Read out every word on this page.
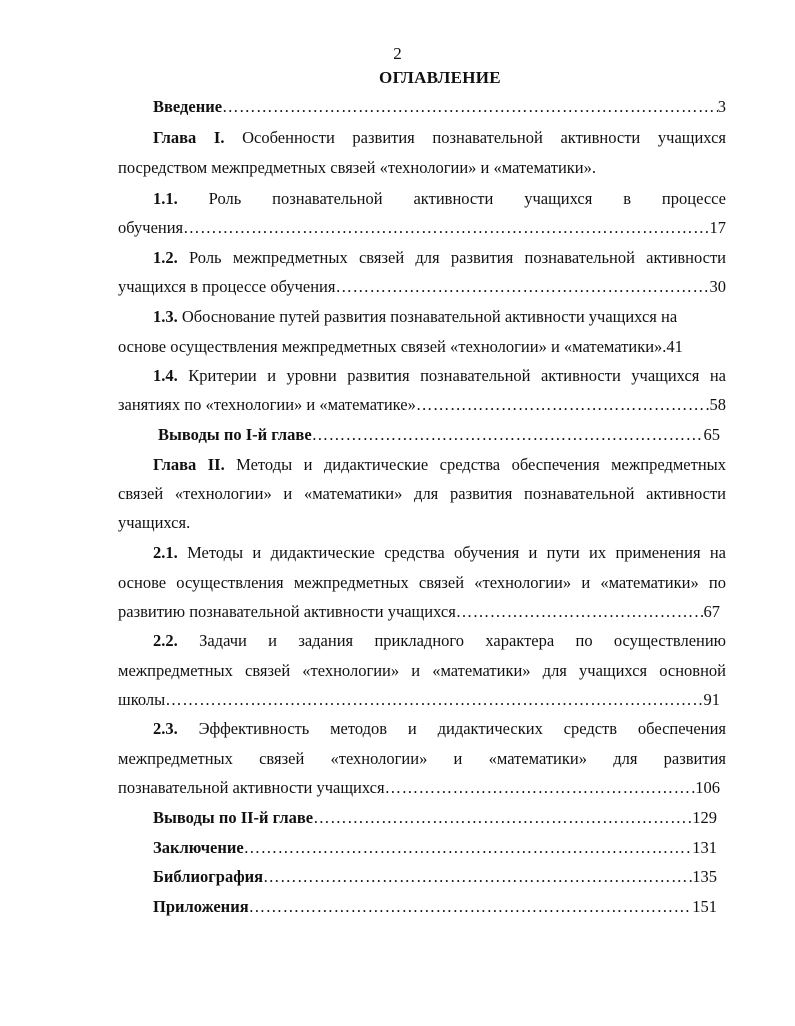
2
ОГЛАВЛЕНИЕ
Введение ……………………………………………………………………………………………………………………………………………………………………	3
Глава I. Особенности развития познавательной активности учащихся
посредством межпредметных связей «технологии» и «математики».
1.1. Роль познавательной активности учащихся в процессе
обучения ……………………………………………………………………………………………………………………………………………………………………	17
1.2. Роль межпредметных связей для развития познавательной активности
учащихся в процессе обучения ……………………………………………………………………………………………………………………………………………………………………	30
1.3. Обоснование путей развития познавательной активности учащихся на
основе осуществления межпредметных связей «технологии» и «математики».41
1.4. Критерии и уровни развития познавательной активности учащихся на
занятиях по «технологии» и «математике» ……………………………………………………………………………………………………………………………………………………………………	58
Выводы по I-й главе ……………………………………………………………………………………………………………………………………………………………………	65
Глава II. Методы и дидактические средства обеспечения межпредметных
связей «технологии» и «математики» для развития познавательной активности
учащихся.
2.1. Методы и дидактические средства обучения и пути их применения на
основе осуществления межпредметных связей «технологии» и «математики» по
развитию познавательной активности учащихся ……………………………………………………………………………………………………………………………………………………………………	67
2.2. Задачи и задания прикладного характера по осуществлению
межпредметных связей «технологии» и «математики» для учащихся основной
школы ……………………………………………………………………………………………………………………………………………………………………	91
2.3. Эффективность методов и дидактических средств обеспечения
межпредметных связей «технологии» и «математики» для развития
познавательной активности учащихся ……………………………………………………………………………………………………………………………………………………………………	106
Выводы по II-й главе ……………………………………………………………………………………………………………………………………………………………………	129
Заключение ……………………………………………………………………………………………………………………………………………………………………	131
Библиография ……………………………………………………………………………………………………………………………………………………………………	135
Приложения ……………………………………………………………………………………………………………………………………………………………………	151
